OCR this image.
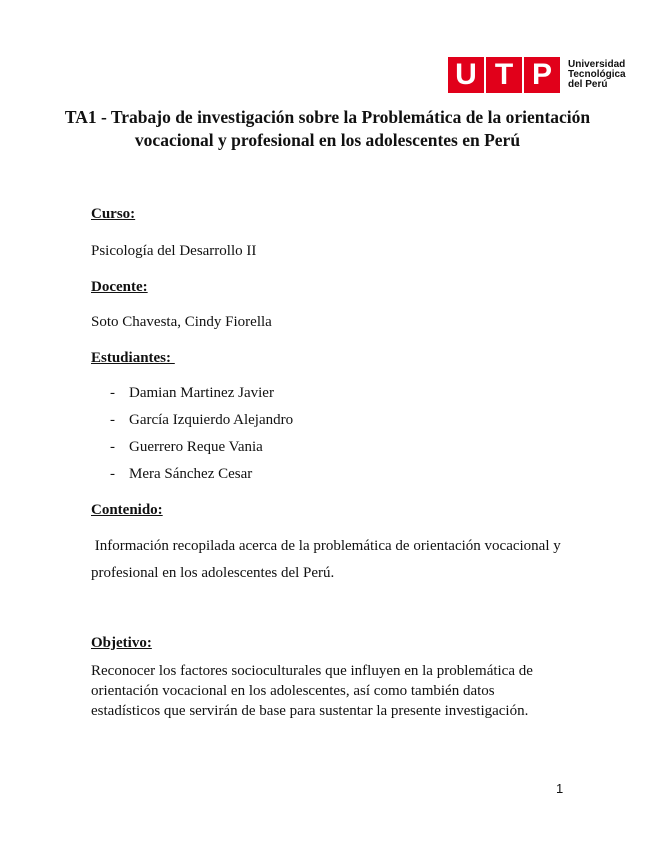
U T P	Universidad
Tecnológica
del Perú
TA1 - Trabajo de investigación sobre la Problemática de la orientación vocacional y profesional en los adolescentes en Perú
Curso:
Psicología del Desarrollo II
Docente:
Soto Chavesta, Cindy Fiorella
Estudiantes:
- Damian Martinez Javier
- García Izquierdo Alejandro
- Guerrero Reque Vania
- Mera Sánchez Cesar
Contenido:
Información recopilada acerca de la problemática de orientación vocacional y
profesional en los adolescentes del Perú.
Objetivo:
Reconocer los factores socioculturales que influyen en la problemática de
orientación vocacional en los adolescentes, así como también datos
estadísticos que servirán de base para sustentar la presente investigación.
1
